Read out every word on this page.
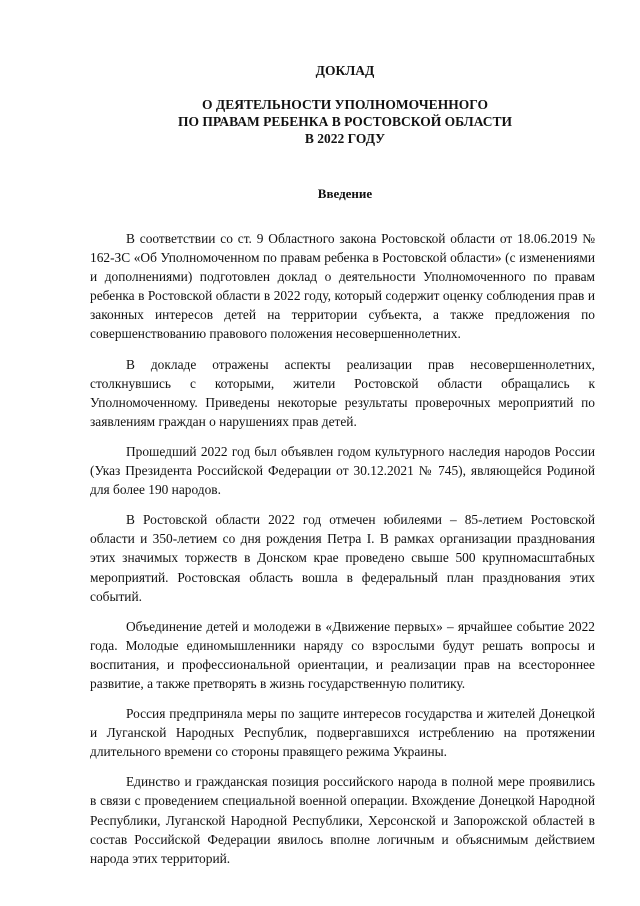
ДОКЛАД
О ДЕЯТЕЛЬНОСТИ УПОЛНОМОЧЕННОГО
ПО ПРАВАМ РЕБЕНКА В РОСТОВСКОЙ ОБЛАСТИ
В 2022 ГОДУ
Введение

В соответствии со ст. 9 Областного закона Ростовской области от 18.06.2019 № 162-ЗС «Об Уполномоченном по правам ребенка в Ростовской области» (с изменениями и дополнениями) подготовлен доклад о деятельности Уполномоченного по правам ребенка в Ростовской области в 2022 году, который содержит оценку соблюдения прав и законных интересов детей на территории субъекта, а также предложения по совершенствованию правового положения несовершеннолетних.

В докладе отражены аспекты реализации прав несовершеннолетних, столкнувшись с которыми, жители Ростовской области обращались к Уполномоченному. Приведены некоторые результаты проверочных мероприятий по заявлениям граждан о нарушениях прав детей.

Прошедший 2022 год был объявлен годом культурного наследия народов России (Указ Президента Российской Федерации от 30.12.2021 № 745), являющейся Родиной для более 190 народов.

В Ростовской области 2022 год отмечен юбилеями – 85-летием Ростовской области и 350-летием со дня рождения Петра I. В рамках организации празднования этих значимых торжеств в Донском крае проведено свыше 500 крупномасштабных мероприятий. Ростовская область вошла в федеральный план празднования этих событий.

Объединение детей и молодежи в «Движение первых» – ярчайшее событие 2022 года. Молодые единомышленники наряду со взрослыми будут решать вопросы и воспитания, и профессиональной ориентации, и реализации прав на всестороннее развитие, а также претворять в жизнь государственную политику.

Россия предприняла меры по защите интересов государства и жителей Донецкой и Луганской Народных Республик, подвергавшихся истреблению на протяжении длительного времени со стороны правящего режима Украины.

Единство и гражданская позиция российского народа в полной мере проявились в связи с проведением специальной военной операции. Вхождение Донецкой Народной Республики, Луганской Народной Республики, Херсонской и Запорожской областей в состав Российской Федерации явилось вполне логичным и объяснимым действием народа этих территорий.
